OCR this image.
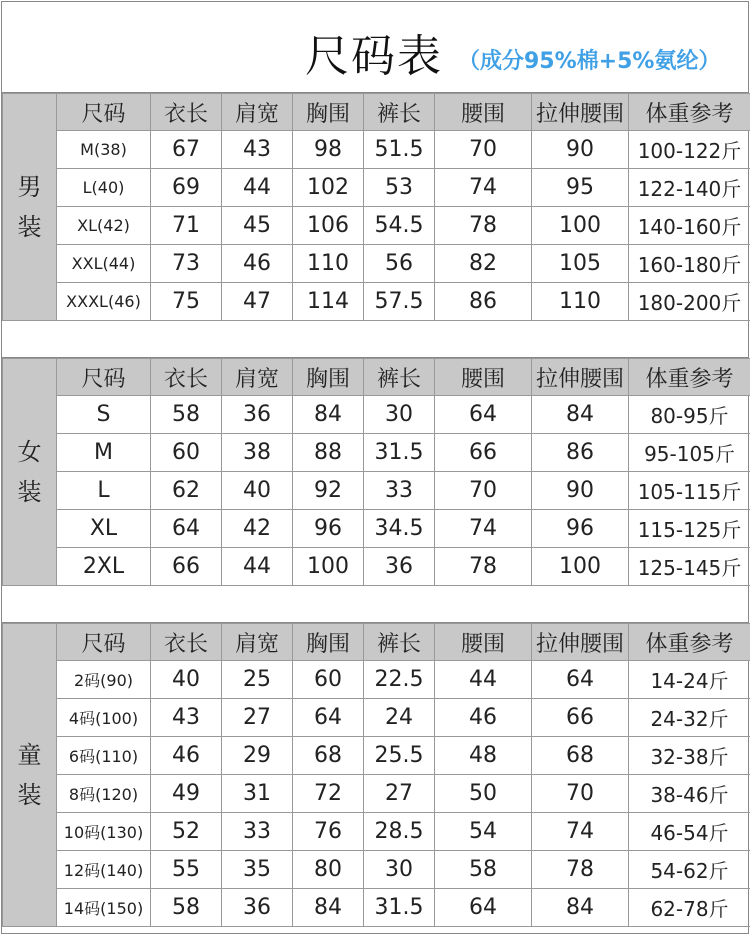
尺码表 （成分95%棉+5%氨纶）
男装	尺码	衣长	肩宽	胸围	裤长	腰围	拉伸腰围	体重参考
	M(38)	67	43	98	51.5	70	90	100-122斤
	L(40)	69	44	102	53	74	95	122-140斤
	XL(42)	71	45	106	54.5	78	100	140-160斤
	XXL(44)	73	46	110	56	82	105	160-180斤
	XXXL(46)	75	47	114	57.5	86	110	180-200斤
女装	尺码	衣长	肩宽	胸围	裤长	腰围	拉伸腰围	体重参考
	S	58	36	84	30	64	84	80-95斤
	M	60	38	88	31.5	66	86	95-105斤
	L	62	40	92	33	70	90	105-115斤
	XL	64	42	96	34.5	74	96	115-125斤
	2XL	66	44	100	36	78	100	125-145斤
童装	尺码	衣长	肩宽	胸围	裤长	腰围	拉伸腰围	体重参考
	2码(90)	40	25	60	22.5	44	64	14-24斤
	4码(100)	43	27	64	24	46	66	24-32斤
	6码(110)	46	29	68	25.5	48	68	32-38斤
	8码(120)	49	31	72	27	50	70	38-46斤
	10码(130)	52	33	76	28.5	54	74	46-54斤
	12码(140)	55	35	80	30	58	78	54-62斤
	14码(150)	58	36	84	31.5	64	84	62-78斤
